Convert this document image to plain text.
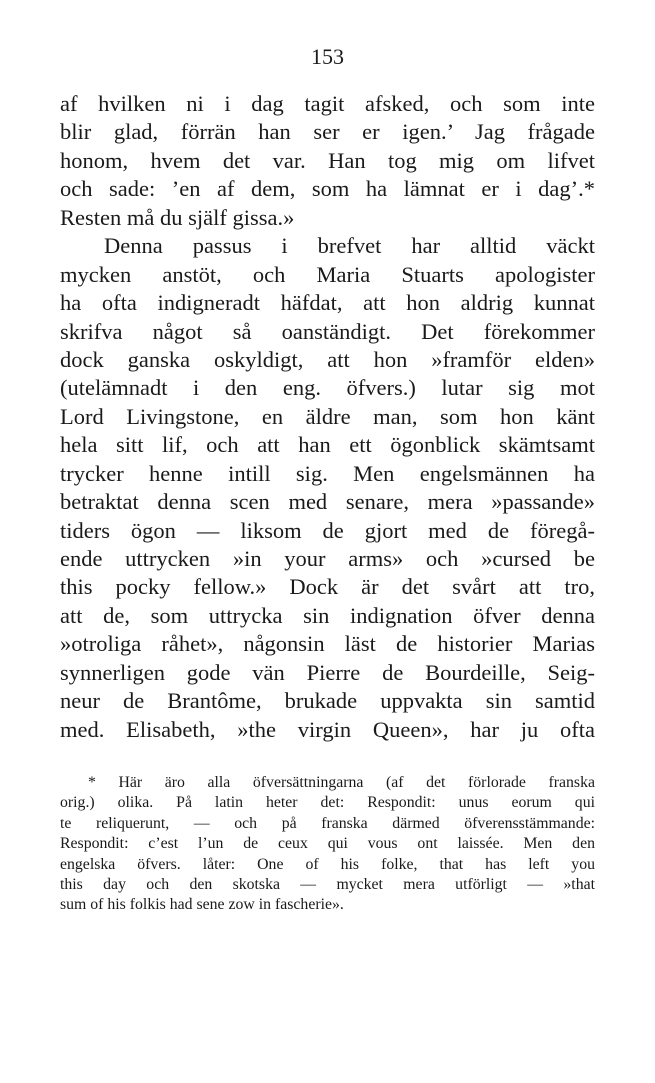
153
af hvilken ni i dag tagit afsked, och som inte
blir glad, förrän han ser er igen.’ Jag frågade
honom, hvem det var. Han tog mig om lifvet
och sade: ’en af dem, som ha lämnat er i dag’.*
Resten må du själf gissa.»
Denna passus i brefvet har alltid väckt
mycken anstöt, och Maria Stuarts apologister
ha ofta indigneradt häfdat, att hon aldrig kunnat
skrifva något så oanständigt. Det förekommer
dock ganska oskyldigt, att hon »framför elden»
(utelämnadt i den eng. öfvers.) lutar sig mot
Lord Livingstone, en äldre man, som hon känt
hela sitt lif, och att han ett ögonblick skämtsamt
trycker henne intill sig. Men engelsmännen ha
betraktat denna scen med senare, mera »passande»
tiders ögon — liksom de gjort med de föregå-
ende uttrycken »in your arms» och »cursed be
this pocky fellow.» Dock är det svårt att tro,
att de, som uttrycka sin indignation öfver denna
»otroliga råhet», någonsin läst de historier Marias
synnerligen gode vän Pierre de Bourdeille, Seig-
neur de Brantôme, brukade uppvakta sin samtid
med. Elisabeth, »the virgin Queen», har ju ofta
* Här äro alla öfversättningarna (af det förlorade franska
orig.) olika. På latin heter det: Respondit: unus eorum qui
te reliquerunt, — och på franska därmed öfverensstämmande:
Respondit: c’est l’un de ceux qui vous ont laissée. Men den
engelska öfvers. låter: One of his folke, that has left you
this day och den skotska — mycket mera utförligt — »that
sum of his folkis had sene zow in fascherie».
